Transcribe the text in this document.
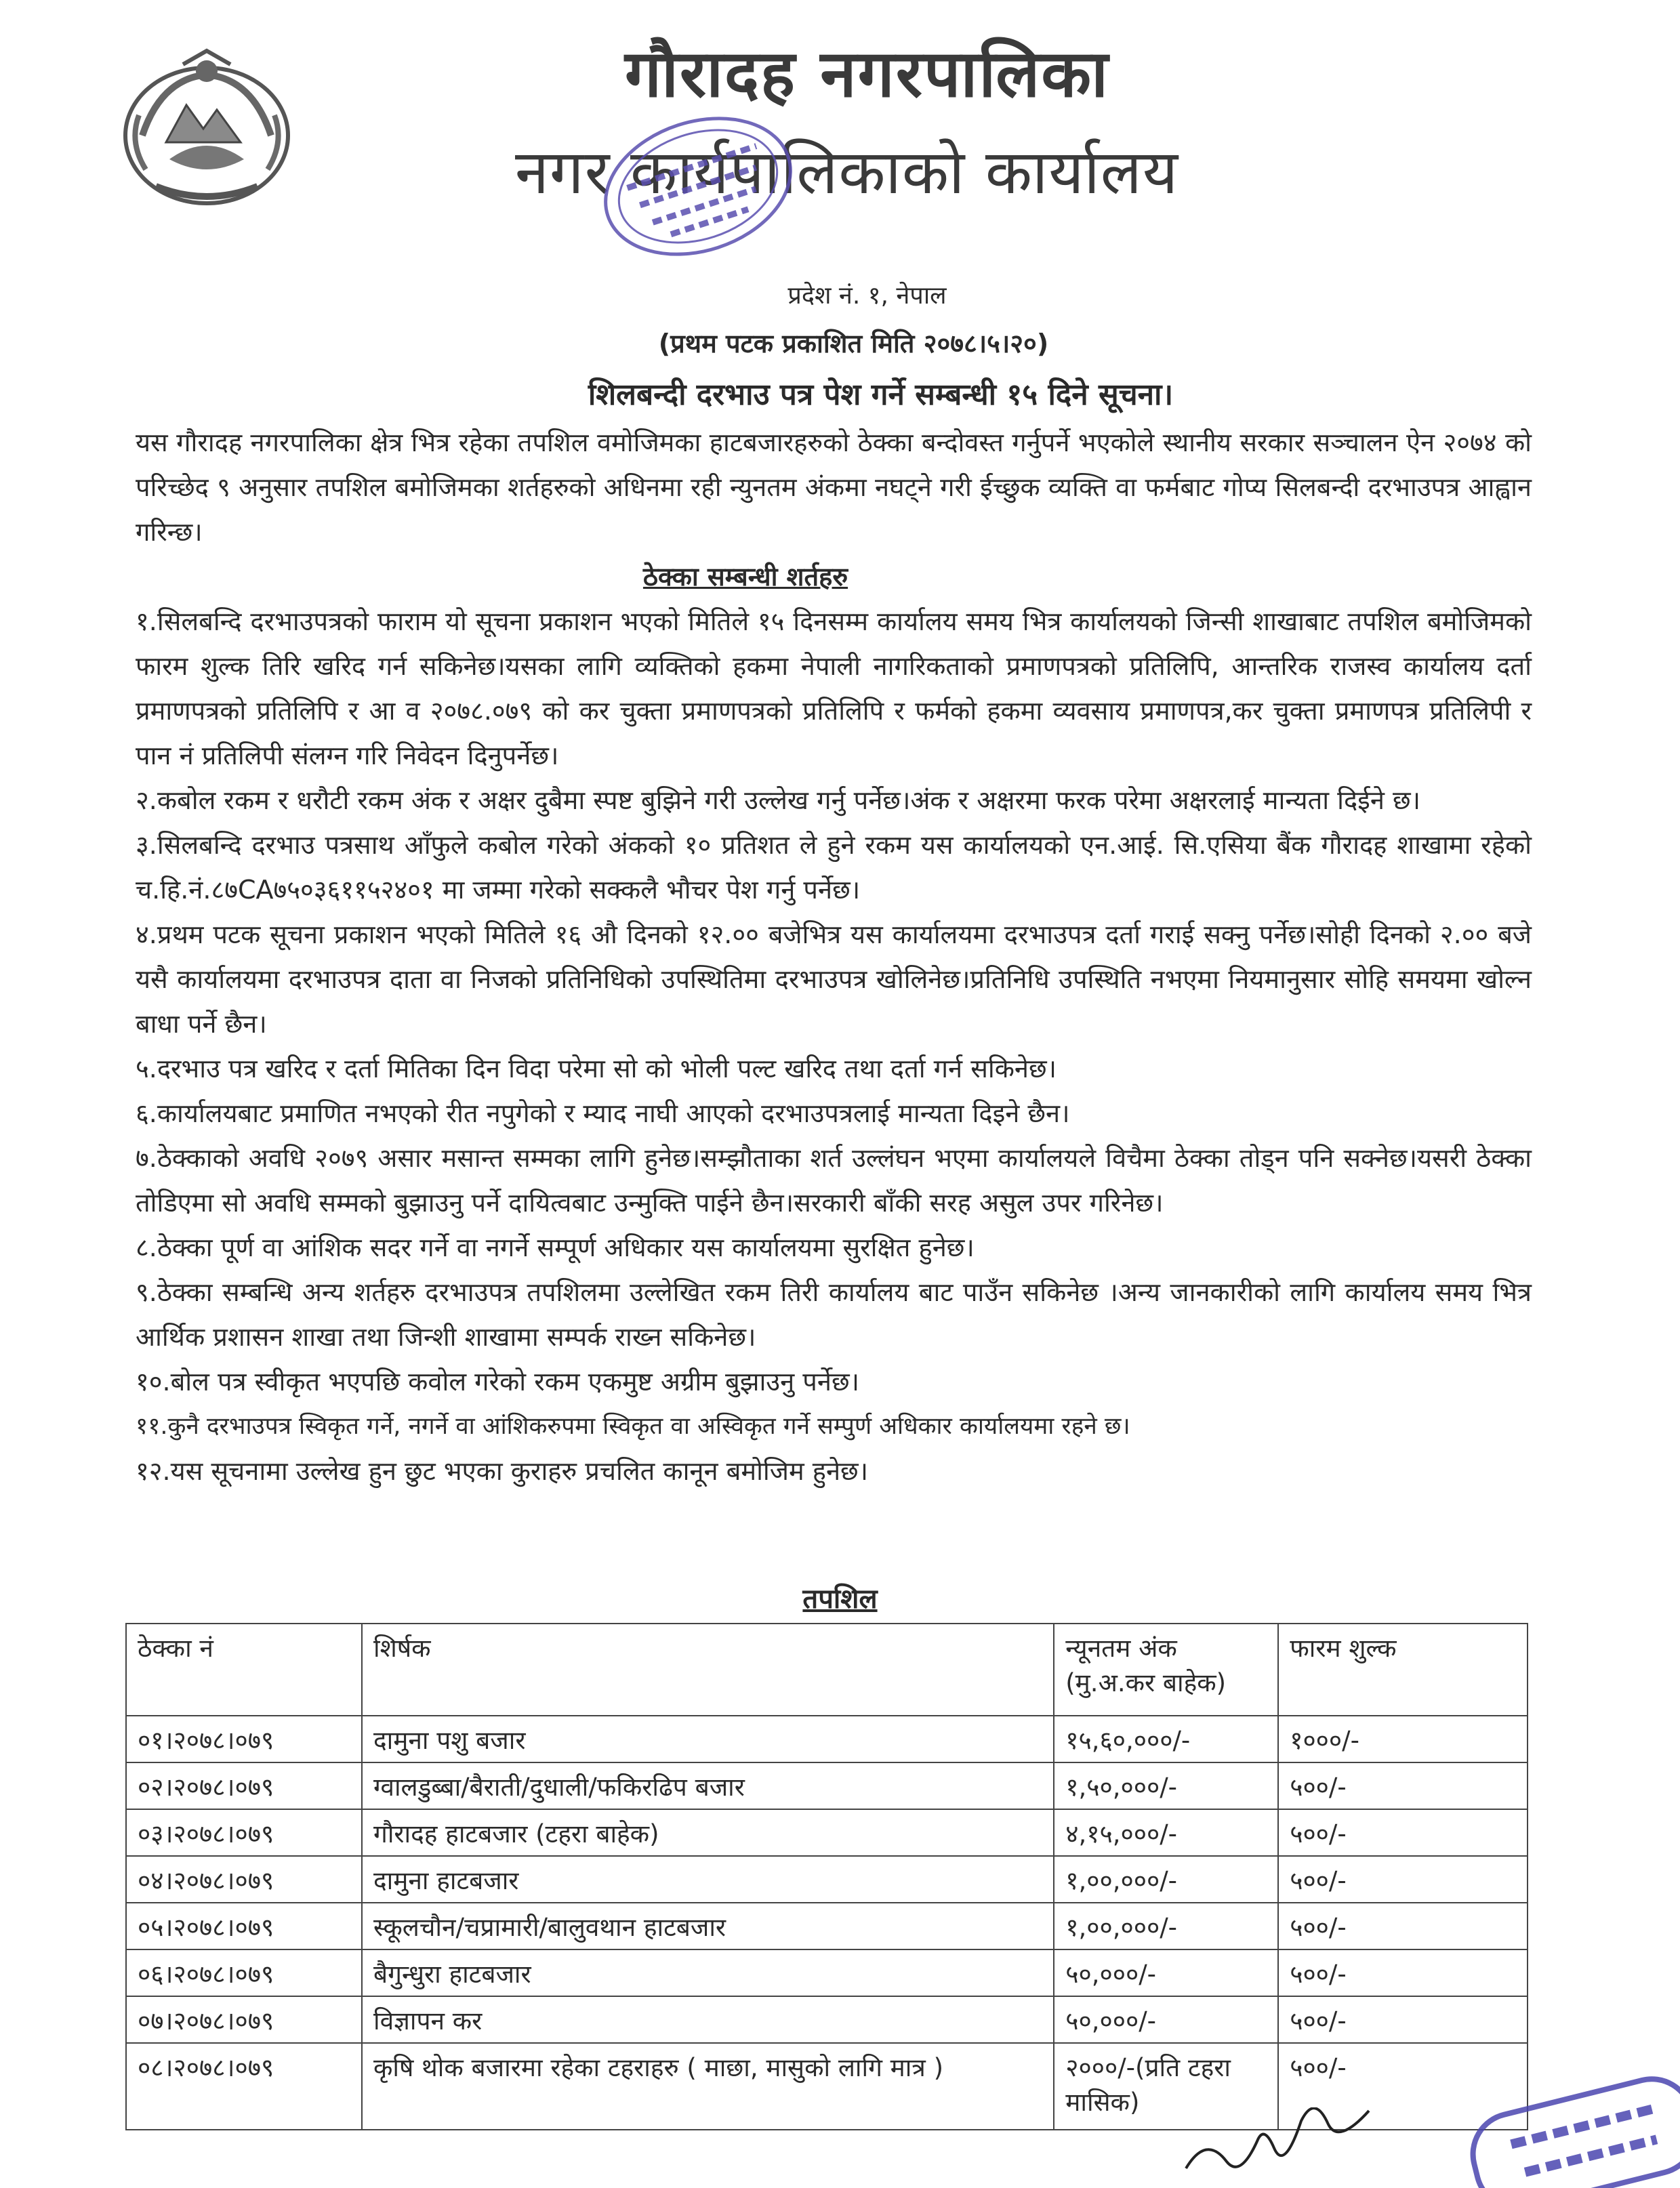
गौरादह नगरपालिका
नगर कार्यपालिकाको कार्यालय
प्रदेश नं. १, नेपाल
(प्रथम पटक प्रकाशित मिति २०७८।५।२०)
शिलबन्दी दरभाउ पत्र पेश गर्ने सम्बन्धी १५ दिने सूचना।

यस गौरादह नगरपालिका क्षेत्र भित्र रहेका तपशिल वमोजिमका हाटबजारहरुको ठेक्का बन्दोवस्त गर्नुपर्ने भएकोले स्थानीय सरकार सञ्चालन ऐन २०७४ को परिच्छेद ९ अनुसार तपशिल बमोजिमका शर्तहरुको अधिनमा रही न्युनतम अंकमा नघट्ने गरी ईच्छुक व्यक्ति वा फर्मबाट गोप्य सिलबन्दी दरभाउपत्र आह्वान गरिन्छ।

ठेक्का सम्बन्धी शर्तहरु

१.सिलबन्दि दरभाउपत्रको फाराम यो सूचना प्रकाशन भएको मितिले १५ दिनसम्म कार्यालय समय भित्र कार्यालयको जिन्सी शाखाबाट तपशिल बमोजिमको फारम शुल्क तिरि खरिद गर्न सकिनेछ।यसका लागि व्यक्तिको हकमा नेपाली नागरिकताको प्रमाणपत्रको प्रतिलिपि, आन्तरिक राजस्व कार्यालय दर्ता प्रमाणपत्रको प्रतिलिपि र आ व २०७८.०७९ को कर चुक्ता प्रमाणपत्रको प्रतिलिपि र फर्मको हकमा व्यवसाय प्रमाणपत्र,कर चुक्ता प्रमाणपत्र प्रतिलिपी र पान नं प्रतिलिपी संलग्न गरि निवेदन दिनुपर्नेछ।

२.कबोल रकम र धरौटी रकम अंक र अक्षर दुबैमा स्पष्ट बुझिने गरी उल्लेख गर्नु पर्नेछ।अंक र अक्षरमा फरक परेमा अक्षरलाई मान्यता दिईने छ।

३.सिलबन्दि दरभाउ पत्रसाथ आँफुले कबोल गरेको अंकको १० प्रतिशत ले हुने रकम यस कार्यालयको एन.आई. सि.एसिया बैंक गौरादह शाखामा रहेको च.हि.नं.८७CA७५०३६११५२४०१ मा जम्मा गरेको सक्कलै भौचर पेश गर्नु पर्नेछ।

४.प्रथम पटक सूचना प्रकाशन भएको मितिले १६ औ दिनको १२.०० बजेभित्र यस कार्यालयमा दरभाउपत्र दर्ता गराई सक्नु पर्नेछ।सोही दिनको २.०० बजे यसै कार्यालयमा दरभाउपत्र दाता वा निजको प्रतिनिधिको उपस्थितिमा दरभाउपत्र खोलिनेछ।प्रतिनिधि उपस्थिति नभएमा नियमानुसार सोहि समयमा खोल्न बाधा पर्ने छैन।

५.दरभाउ पत्र खरिद र दर्ता मितिका दिन विदा परेमा सो को भोली पल्ट खरिद तथा दर्ता गर्न सकिनेछ।

६.कार्यालयबाट प्रमाणित नभएको रीत नपुगेको र म्याद नाघी आएको दरभाउपत्रलाई मान्यता दिइने छैन।

७.ठेक्काको अवधि २०७९ असार मसान्त सम्मका लागि हुनेछ।सम्झौताका शर्त उल्लंघन भएमा कार्यालयले विचैमा ठेक्का तोड्न पनि सक्नेछ।यसरी ठेक्का तोडिएमा सो अवधि सम्मको बुझाउनु पर्ने दायित्वबाट उन्मुक्ति पाईने छैन।सरकारी बाँकी सरह असुल उपर गरिनेछ।

८.ठेक्का पूर्ण वा आंशिक सदर गर्ने वा नगर्ने सम्पूर्ण अधिकार यस कार्यालयमा सुरक्षित हुनेछ।

९.ठेक्का सम्बन्धि अन्य शर्तहरु दरभाउपत्र तपशिलमा उल्लेखित रकम तिरी कार्यालय बाट पाउँन सकिनेछ ।अन्य जानकारीको लागि कार्यालय समय भित्र आर्थिक प्रशासन शाखा तथा जिन्शी शाखामा सम्पर्क राख्न सकिनेछ।

१०.बोल पत्र स्वीकृत भएपछि कवोल गरेको रकम एकमुष्ट अग्रीम बुझाउनु पर्नेछ।

११.कुनै दरभाउपत्र स्विकृत गर्ने, नगर्ने वा आंशिकरुपमा स्विकृत वा अस्विकृत गर्ने सम्पुर्ण अधिकार कार्यालयमा रहने छ।

१२.यस सूचनामा उल्लेख हुन छुट भएका कुराहरु प्रचलित कानून बमोजिम हुनेछ।

तपशिल
ठेक्का नं	शिर्षक	न्यूनतम अंक (मु.अ.कर बाहेक)	फारम शुल्क
०१।२०७८।०७९	दामुना पशु बजार	१५,६०,०००/-	१०००/-
०२।२०७८।०७९	ग्वालडुब्बा/बैराती/दुधाली/फकिरढिप बजार	१,५०,०००/-	५००/-
०३।२०७८।०७९	गौरादह हाटबजार (टहरा बाहेक)	४,१५,०००/-	५००/-
०४।२०७८।०७९	दामुना हाटबजार	१,००,०००/-	५००/-
०५।२०७८।०७९	स्कूलचौन/चप्रामारी/बालुवथान हाटबजार	१,००,०००/-	५००/-
०६।२०७८।०७९	बैगुन्धुरा हाटबजार	५०,०००/-	५००/-
०७।२०७८।०७९	विज्ञापन कर	५०,०००/-	५००/-
०८।२०७८।०७९	कृषि थोक बजारमा रहेका टहराहरु ( माछा, मासुको लागि मात्र )	२०००/-(प्रति टहरा मासिक)	५००/-
